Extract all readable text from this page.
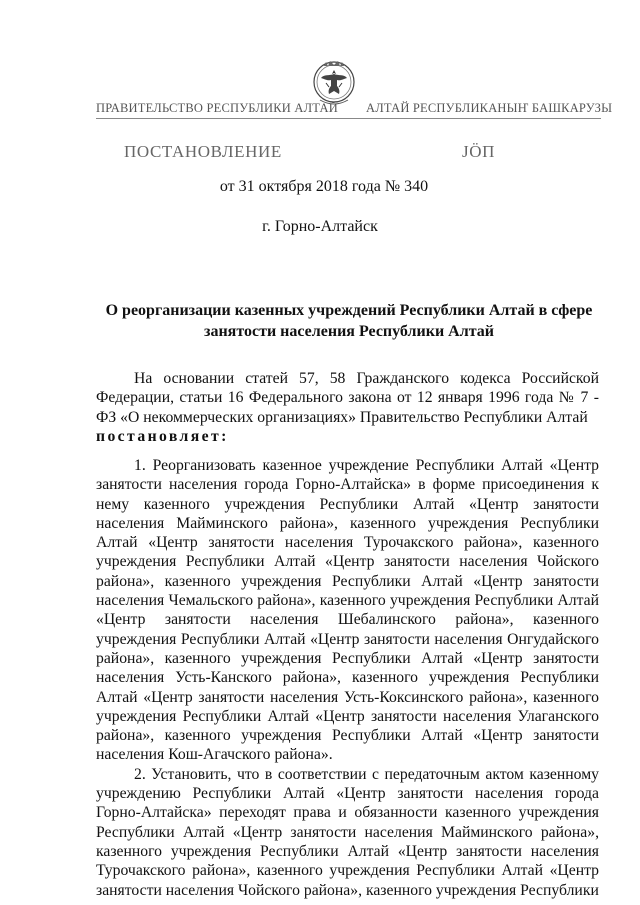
ПРАВИТЕЛЬСТВО РЕСПУБЛИКИ АЛТАЙ АЛТАЙ РЕСПУБЛИКАНЫҤ БАШКАРУЗЫ
ПОСТАНОВЛЕНИЕ	ЈӦП
от 31 октября 2018 года № 340
г. Горно-Алтайск
О реорганизации казенных учреждений Республики Алтай в сфере занятости населения Республики Алтай

На основании статей 57, 58 Гражданского кодекса Российской Федерации, статьи 16 Федерального закона от 12 января 1996 года № 7 - ФЗ «О некоммерческих организациях» Правительство Республики Алтай
постановляет:

1. Реорганизовать казенное учреждение Республики Алтай «Центр занятости населения города Горно-Алтайска» в форме присоединения к нему казенного учреждения Республики Алтай «Центр занятости населения Майминского района», казенного учреждения Республики Алтай «Центр занятости населения Турочакского района», казенного учреждения Республики Алтай «Центр занятости населения Чойского района», казенного учреждения Республики Алтай «Центр занятости населения Чемальского района», казенного учреждения Республики Алтай «Центр занятости населения Шебалинского района», казенного учреждения Республики Алтай «Центр занятости населения Онгудайского района», казенного учреждения Республики Алтай «Центр занятости населения Усть-Канского района», казенного учреждения Республики Алтай «Центр занятости населения Усть-Коксинского района», казенного учреждения Республики Алтай «Центр занятости населения Улаганского района», казенного учреждения Республики Алтай «Центр занятости населения Кош-Агачского района».

2. Установить, что в соответствии с передаточным актом казенному учреждению Республики Алтай «Центр занятости населения города Горно-Алтайска» переходят права и обязанности казенного учреждения Республики Алтай «Центр занятости населения Майминского района», казенного учреждения Республики Алтай «Центр занятости населения Турочакского района», казенного учреждения Республики Алтай «Центр занятости населения Чойского района», казенного учреждения Республики
